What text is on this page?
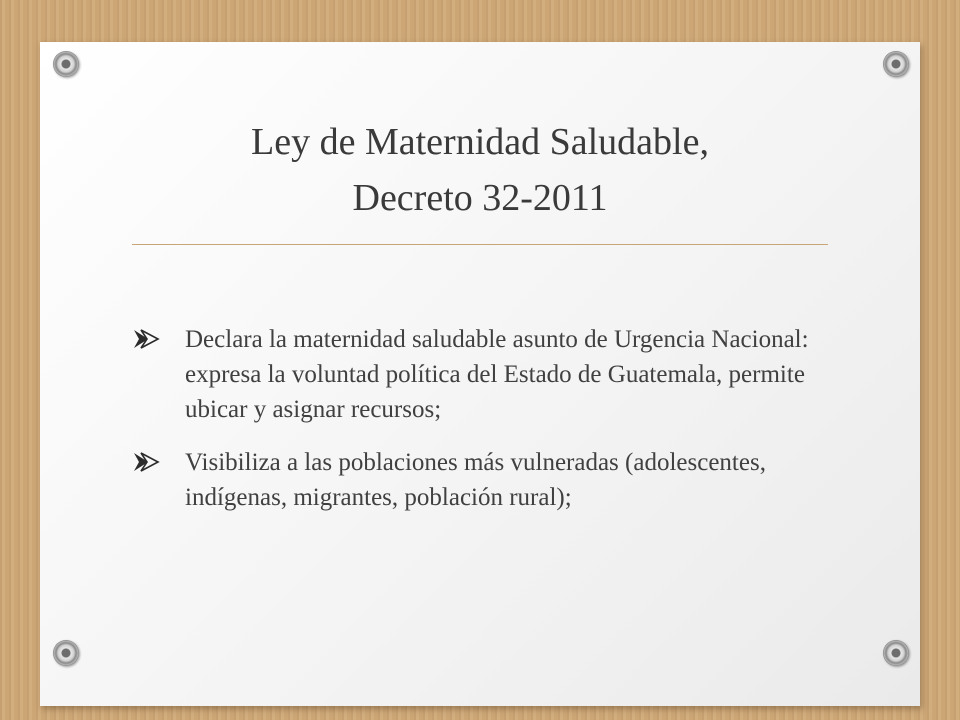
Ley de Maternidad Saludable,
Decreto 32-2011
Declara la maternidad saludable asunto de Urgencia Nacional: expresa la voluntad política del Estado de Guatemala, permite ubicar y asignar recursos;
Visibiliza a las poblaciones más vulneradas (adolescentes, indígenas, migrantes, población rural);
